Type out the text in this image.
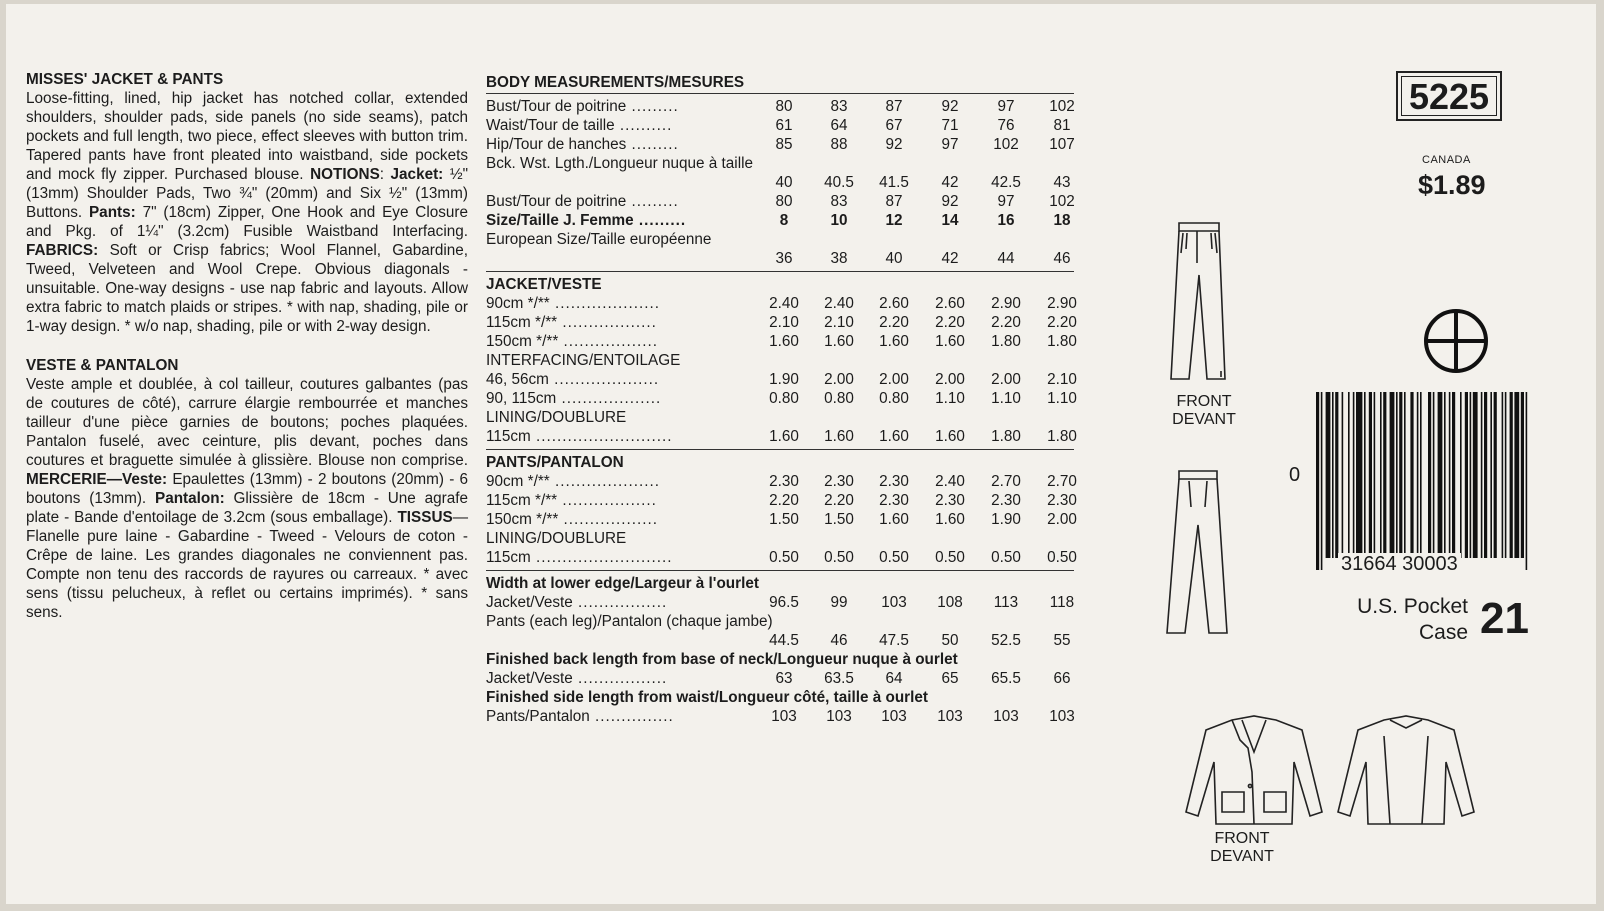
MISSES' JACKET & PANTS

Loose-fitting, lined, hip jacket has notched collar, extended shoulders, shoulder pads, side panels (no side seams), patch pockets and full length, two piece, effect sleeves with button trim. Tapered pants have front pleated into waistband, side pockets and mock fly zipper. Purchased blouse. NOTIONS: Jacket: ½" (13mm) Shoulder Pads, Two ¾" (20mm) and Six ½" (13mm) Buttons. Pants: 7" (18cm) Zipper, One Hook and Eye Closure and Pkg. of 1¼" (3.2cm) Fusible Waistband Interfacing. FABRICS: Soft or Crisp fabrics; Wool Flannel, Gabardine, Tweed, Velveteen and Wool Crepe. Obvious diagonals - unsuitable. One-way designs - use nap fabric and layouts. Allow extra fabric to match plaids or stripes. * with nap, shading, pile or 1-way design. * w/o nap, shading, pile or with 2-way design.

VESTE & PANTALON

Veste ample et doublée, à col tailleur, coutures galbantes (pas de coutures de côté), carrure élargie rembourrée et manches tailleur d'une pièce garnies de boutons; poches plaquées. Pantalon fuselé, avec ceinture, plis devant, poches dans coutures et braguette simulée à glissière. Blouse non comprise. MERCERIE—Veste: Epaulettes (13mm) - 2 boutons (20mm) - 6 boutons (13mm). Pantalon: Glissière de 18cm - Une agrafe plate - Bande d'entoilage de 3.2cm (sous emballage). TISSUS—Flanelle pure laine - Gabardine - Tweed - Velours de coton - Crêpe de laine. Les grandes diagonales ne conviennent pas. Compte non tenu des raccords de rayures ou carreaux. * avec sens (tissu pelucheux, à reflet ou certains imprimés). * sans sens.

BODY MEASUREMENTS/MESURES
Bust/Tour de poitrine .........	80	83	87	92	97	102
Waist/Tour de taille ..........	61	64	67	71	76	81
Hip/Tour de hanches .........	85	88	92	97	102	107
Bck. Wst. Lgth./Longueur nuque à taille
40	40.5	41.5	42	42.5	43
Bust/Tour de poitrine .........	80	83	87	92	97	102
Size/Taille J. Femme .........	8	10	12	14	16	18
European Size/Taille européenne
36	38	40	42	44	46
JACKET/VESTE
90cm */** ....................	2.40	2.40	2.60	2.60	2.90	2.90
115cm */** ..................	2.10	2.10	2.20	2.20	2.20	2.20
150cm */** ..................	1.60	1.60	1.60	1.60	1.80	1.80
INTERFACING/ENTOILAGE
46, 56cm ....................	1.90	2.00	2.00	2.00	2.00	2.10
90, 115cm ...................	0.80	0.80	0.80	1.10	1.10	1.10
LINING/DOUBLURE
115cm ..........................	1.60	1.60	1.60	1.60	1.80	1.80
PANTS/PANTALON
90cm */** ....................	2.30	2.30	2.30	2.40	2.70	2.70
115cm */** ..................	2.20	2.20	2.30	2.30	2.30	2.30
150cm */** ..................	1.50	1.50	1.60	1.60	1.90	2.00
LINING/DOUBLURE
115cm ..........................	0.50	0.50	0.50	0.50	0.50	0.50
Width at lower edge/Largeur à l'ourlet
Jacket/Veste .................	96.5	99	103	108	113	118
Pants (each leg)/Pantalon (chaque jambe)
44.5	46	47.5	50	52.5	55
Finished back length from base of neck/Longueur nuque à ourlet
Jacket/Veste .................	63	63.5	64	65	65.5	66
Finished side length from waist/Longueur côté, taille à ourlet
Pants/Pantalon ...............	103	103	103	103	103	103
5225
CANADA
$1.89
0
31664 30003
U.S. Pocket
Case 21
FRONT
DEVANT
FRONT
DEVANT
